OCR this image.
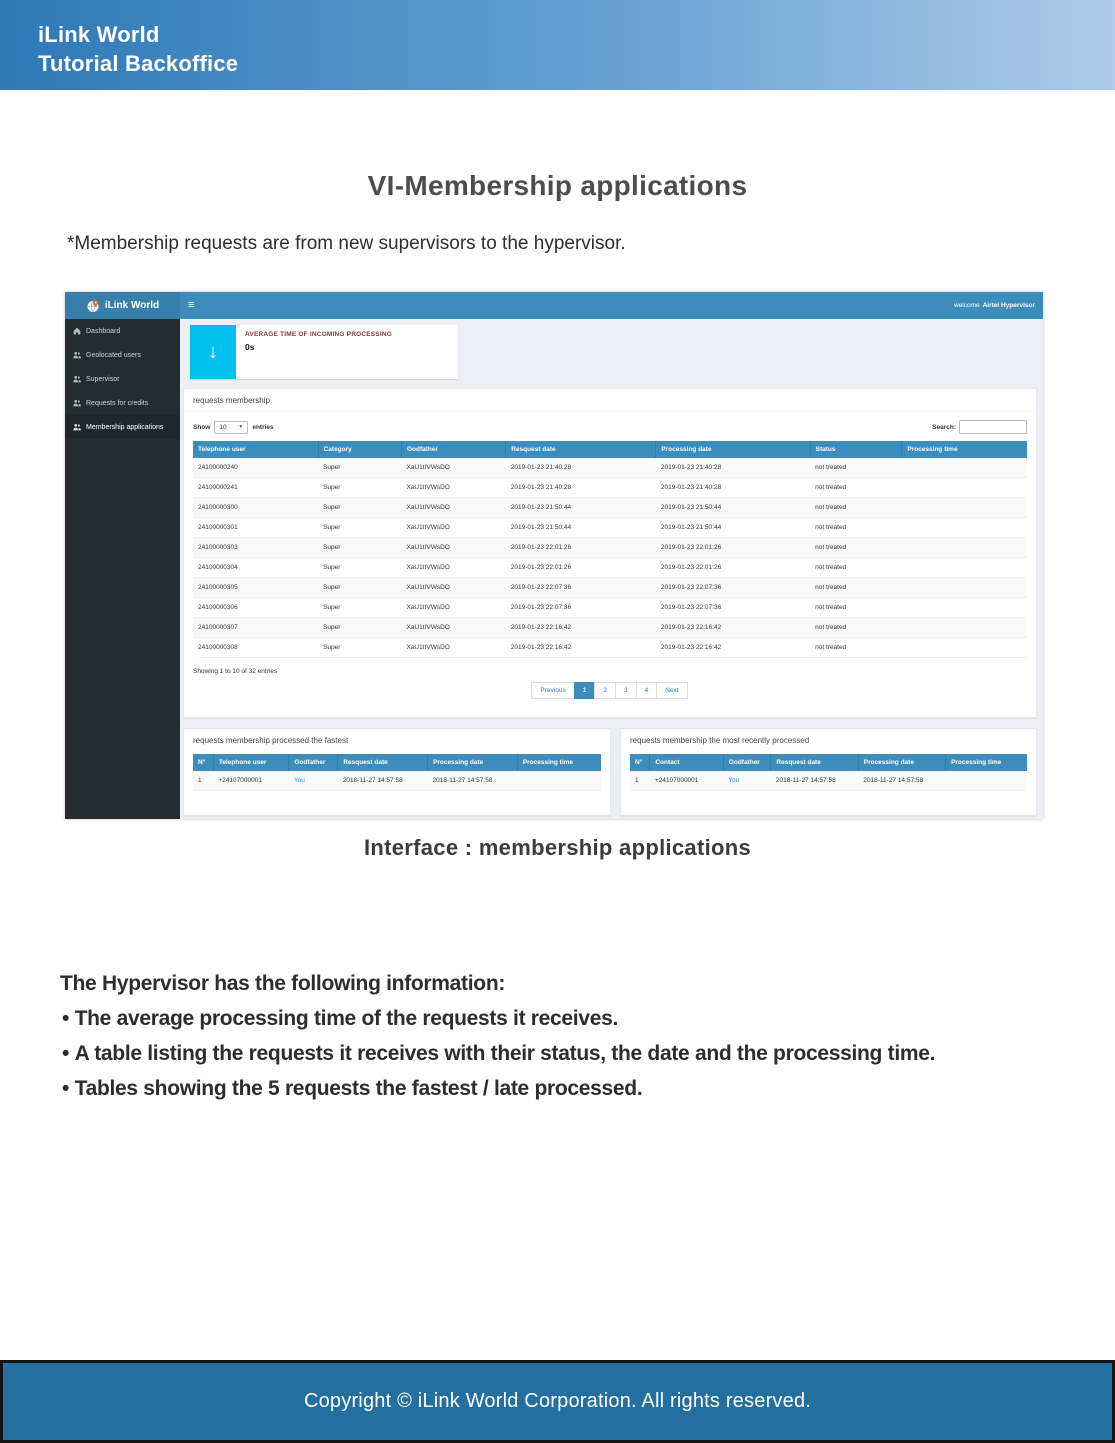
iLink World
Tutorial Backoffice
VI-Membership applications

*Membership requests are from new supervisors to the hypervisor.

iLink World	≡	welcome Airtel Hypervisor
Dashboard
Geolocated users
Supervisor
Requests for credits
Membership applications
↓
AVERAGE TIME OF INCOMING PROCESSING
0s
requests membership
Show 10 ▼ entries	Search:
Telephone user	Category	Godfather	Resquest date	Processing date	Status	Processing time
24100000240	Super	XaU1tIVWsDO	2019-01-23 21:40:28	2019-01-23 21:40:28	not treated	
24100000241	Super	XaU1tIVWsDO	2019-01-23 21:40:28	2019-01-23 21:40:28	not treated	
24100000300	Super	XaU1tIVWsDO	2019-01-23 21:50:44	2019-01-23 21:50:44	not treated	
24100000301	Super	XaU1tIVWsDO	2019-01-23 21:50:44	2019-01-23 21:50:44	not treated	
24100000303	Super	XaU1tIVWsDO	2019-01-23 22:01:26	2019-01-23 22:01:26	not treated	
24100000304	Super	XaU1tIVWsDO	2019-01-23 22:01:26	2019-01-23 22:01:26	not treated	
24100000305	Super	XaU1tIVWsDO	2019-01-23 22:07:36	2019-01-23 22:07:36	not treated	
24100000306	Super	XaU1tIVWsDO	2019-01-23 22:07:36	2019-01-23 22:07:36	not treated	
24100000307	Super	XaU1tIVWsDO	2019-01-23 22:16:42	2019-01-23 22:16:42	not treated	
24100000308	Super	XaU1tIVWsDO	2019-01-23 22:16:42	2019-01-23 22:16:42	not treated	
Showing 1 to 10 of 32 entries
Previous	1	2	3	4	Next
requests membership processed the fastest
N°	Telephone user	Godfather	Resquest date	Processing date	Processing time
1	+24107000001	You	2018-11-27 14:57:58	2018-11-27 14:57:58	
requests membership the most recently processed
N°	Contact	Godfather	Resquest date	Processing date	Processing time
1	+24107000001	You	2018-11-27 14:57:58	2018-11-27 14:57:58	
Interface : membership applications
The Hypervisor has the following information:
• The average processing time of the requests it receives.
• A table listing the requests it receives with their status, the date and the processing time.
• Tables showing the 5 requests the fastest / late processed.
Copyright © iLink World Corporation. All rights reserved.
